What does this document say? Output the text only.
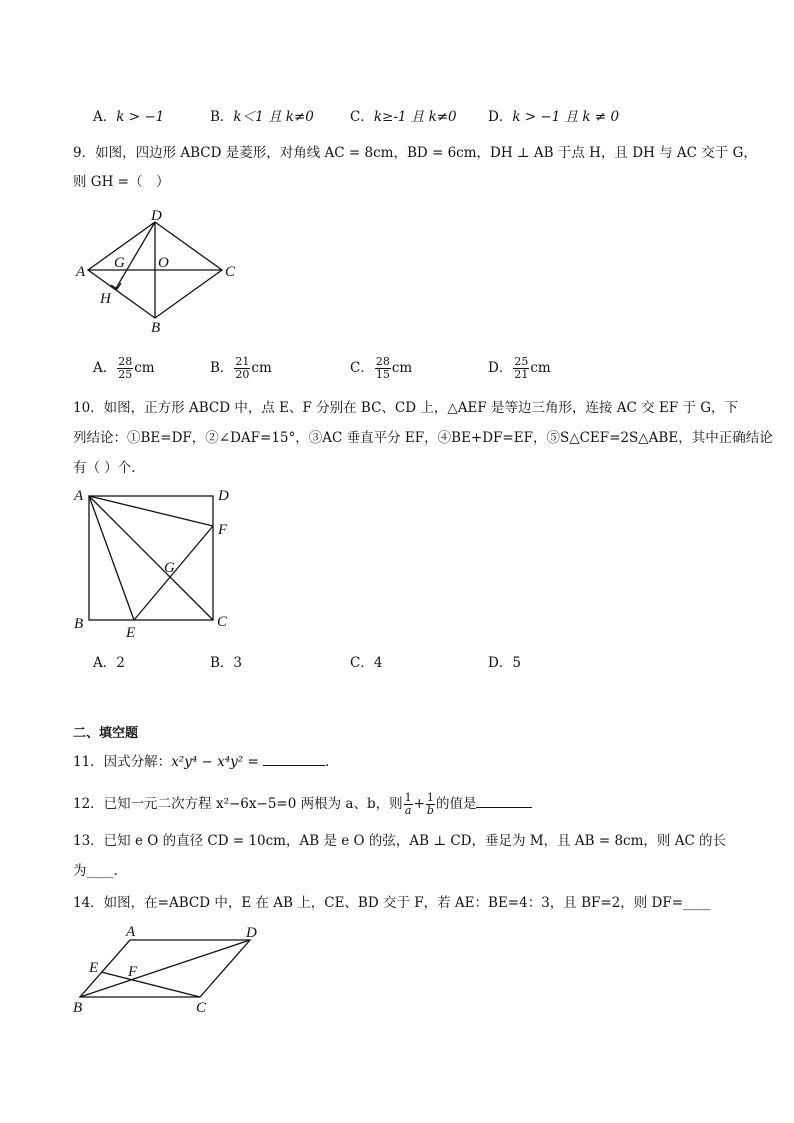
A．k > −1	B．k＜1 且 k≠0	C．k≥-1 且 k≠0 D．k > −1 且 k ≠ 0
9．如图，四边形 ABCD 是菱形，对角线 AC = 8cm，BD = 6cm，DH ⊥ AB 于点 H，且 DH 与 AC 交于 G，
则 GH =（　）
A
D
C
B
G O
H
A． $\frac{28}{25}$ cm	B． $\frac{21}{20}$ cm	C． $\frac{28}{15}$ cm	D． $\frac{25}{21}$ cm
10．如图，正方形 ABCD 中，点 E、F 分别在 BC、CD 上，△AEF 是等边三角形，连接 AC 交 EF 于 G，下
列结论：①BE=DF，②∠DAF=15°，③AC 垂直平分 EF，④BE+DF=EF，⑤S△CEF=2S△ABE，其中正确结论
有（ ）个．
A	D
F
G
B
E
C
A．2	B．3	C．4	D．5
二、填空题
11．因式分解：x²y⁴ − x⁴y² =	．
12．已知一元二次方程 x²−6x−5=0 两根为 a、b，则 $\frac{1}{a} + \frac{1}{b}$ 的值是
13．已知 e O 的直径 CD = 10cm，AB 是 e O 的弦，AB ⊥ CD，垂足为 M，且 AB = 8cm，则 AC 的长
为____.
14．如图，在=ABCD 中，E 在 AB 上，CE、BD 交于 F，若 AE：BE=4：3，且 BF=2，则 DF=____
A	D
E F
B	C
